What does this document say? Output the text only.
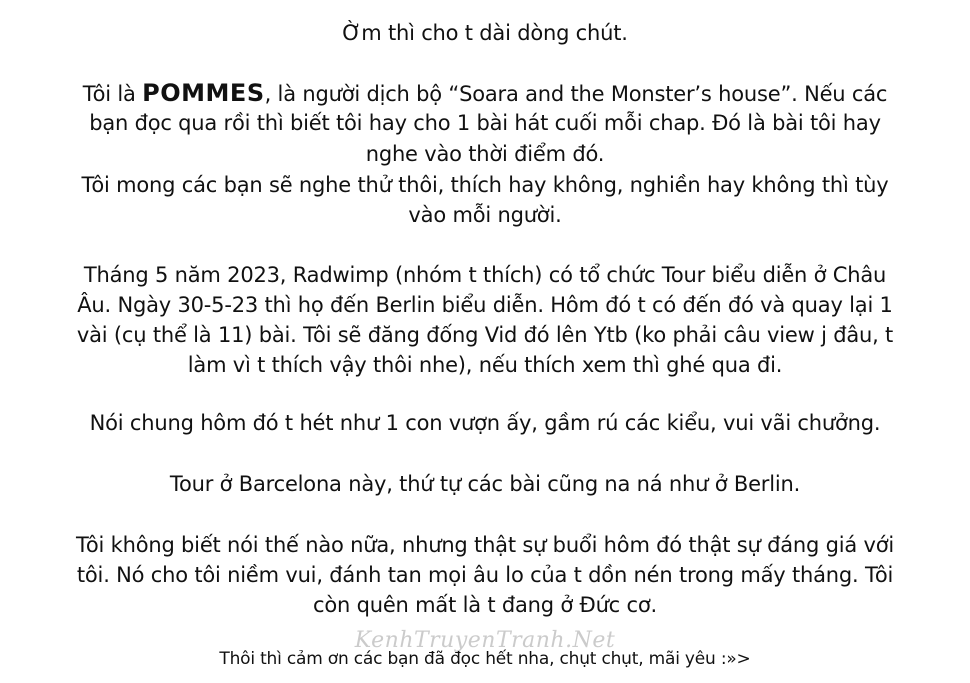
Ờm thì cho t dài dòng chút.
Tôi là POMMES, là người dịch bộ “Soara and the Monster’s house”. Nếu các
bạn đọc qua rồi thì biết tôi hay cho 1 bài hát cuối mỗi chap. Đó là bài tôi hay
nghe vào thời điểm đó.
Tôi mong các bạn sẽ nghe thử thôi, thích hay không, nghiền hay không thì tùy
vào mỗi người.
Tháng 5 năm 2023, Radwimp (nhóm t thích) có tổ chức Tour biểu diễn ở Châu
Âu. Ngày 30-5-23 thì họ đến Berlin biểu diễn. Hôm đó t có đến đó và quay lại 1
vài (cụ thể là 11) bài. Tôi sẽ đăng đống Vid đó lên Ytb (ko phải câu view j đâu, t
làm vì t thích vậy thôi nhe), nếu thích xem thì ghé qua đi.
Nói chung hôm đó t hét như 1 con vượn ấy, gầm rú các kiểu, vui vãi chưởng.
Tour ở Barcelona này, thứ tự các bài cũng na ná như ở Berlin.
Tôi không biết nói thế nào nữa, nhưng thật sự buổi hôm đó thật sự đáng giá với
tôi. Nó cho tôi niềm vui, đánh tan mọi âu lo của t dồn nén trong mấy tháng. Tôi
còn quên mất là t đang ở Đức cơ.
KenhTruyenTranh.Net
Thôi thì cảm ơn các bạn đã đọc hết nha, chụt chụt, mãi yêu :»>
